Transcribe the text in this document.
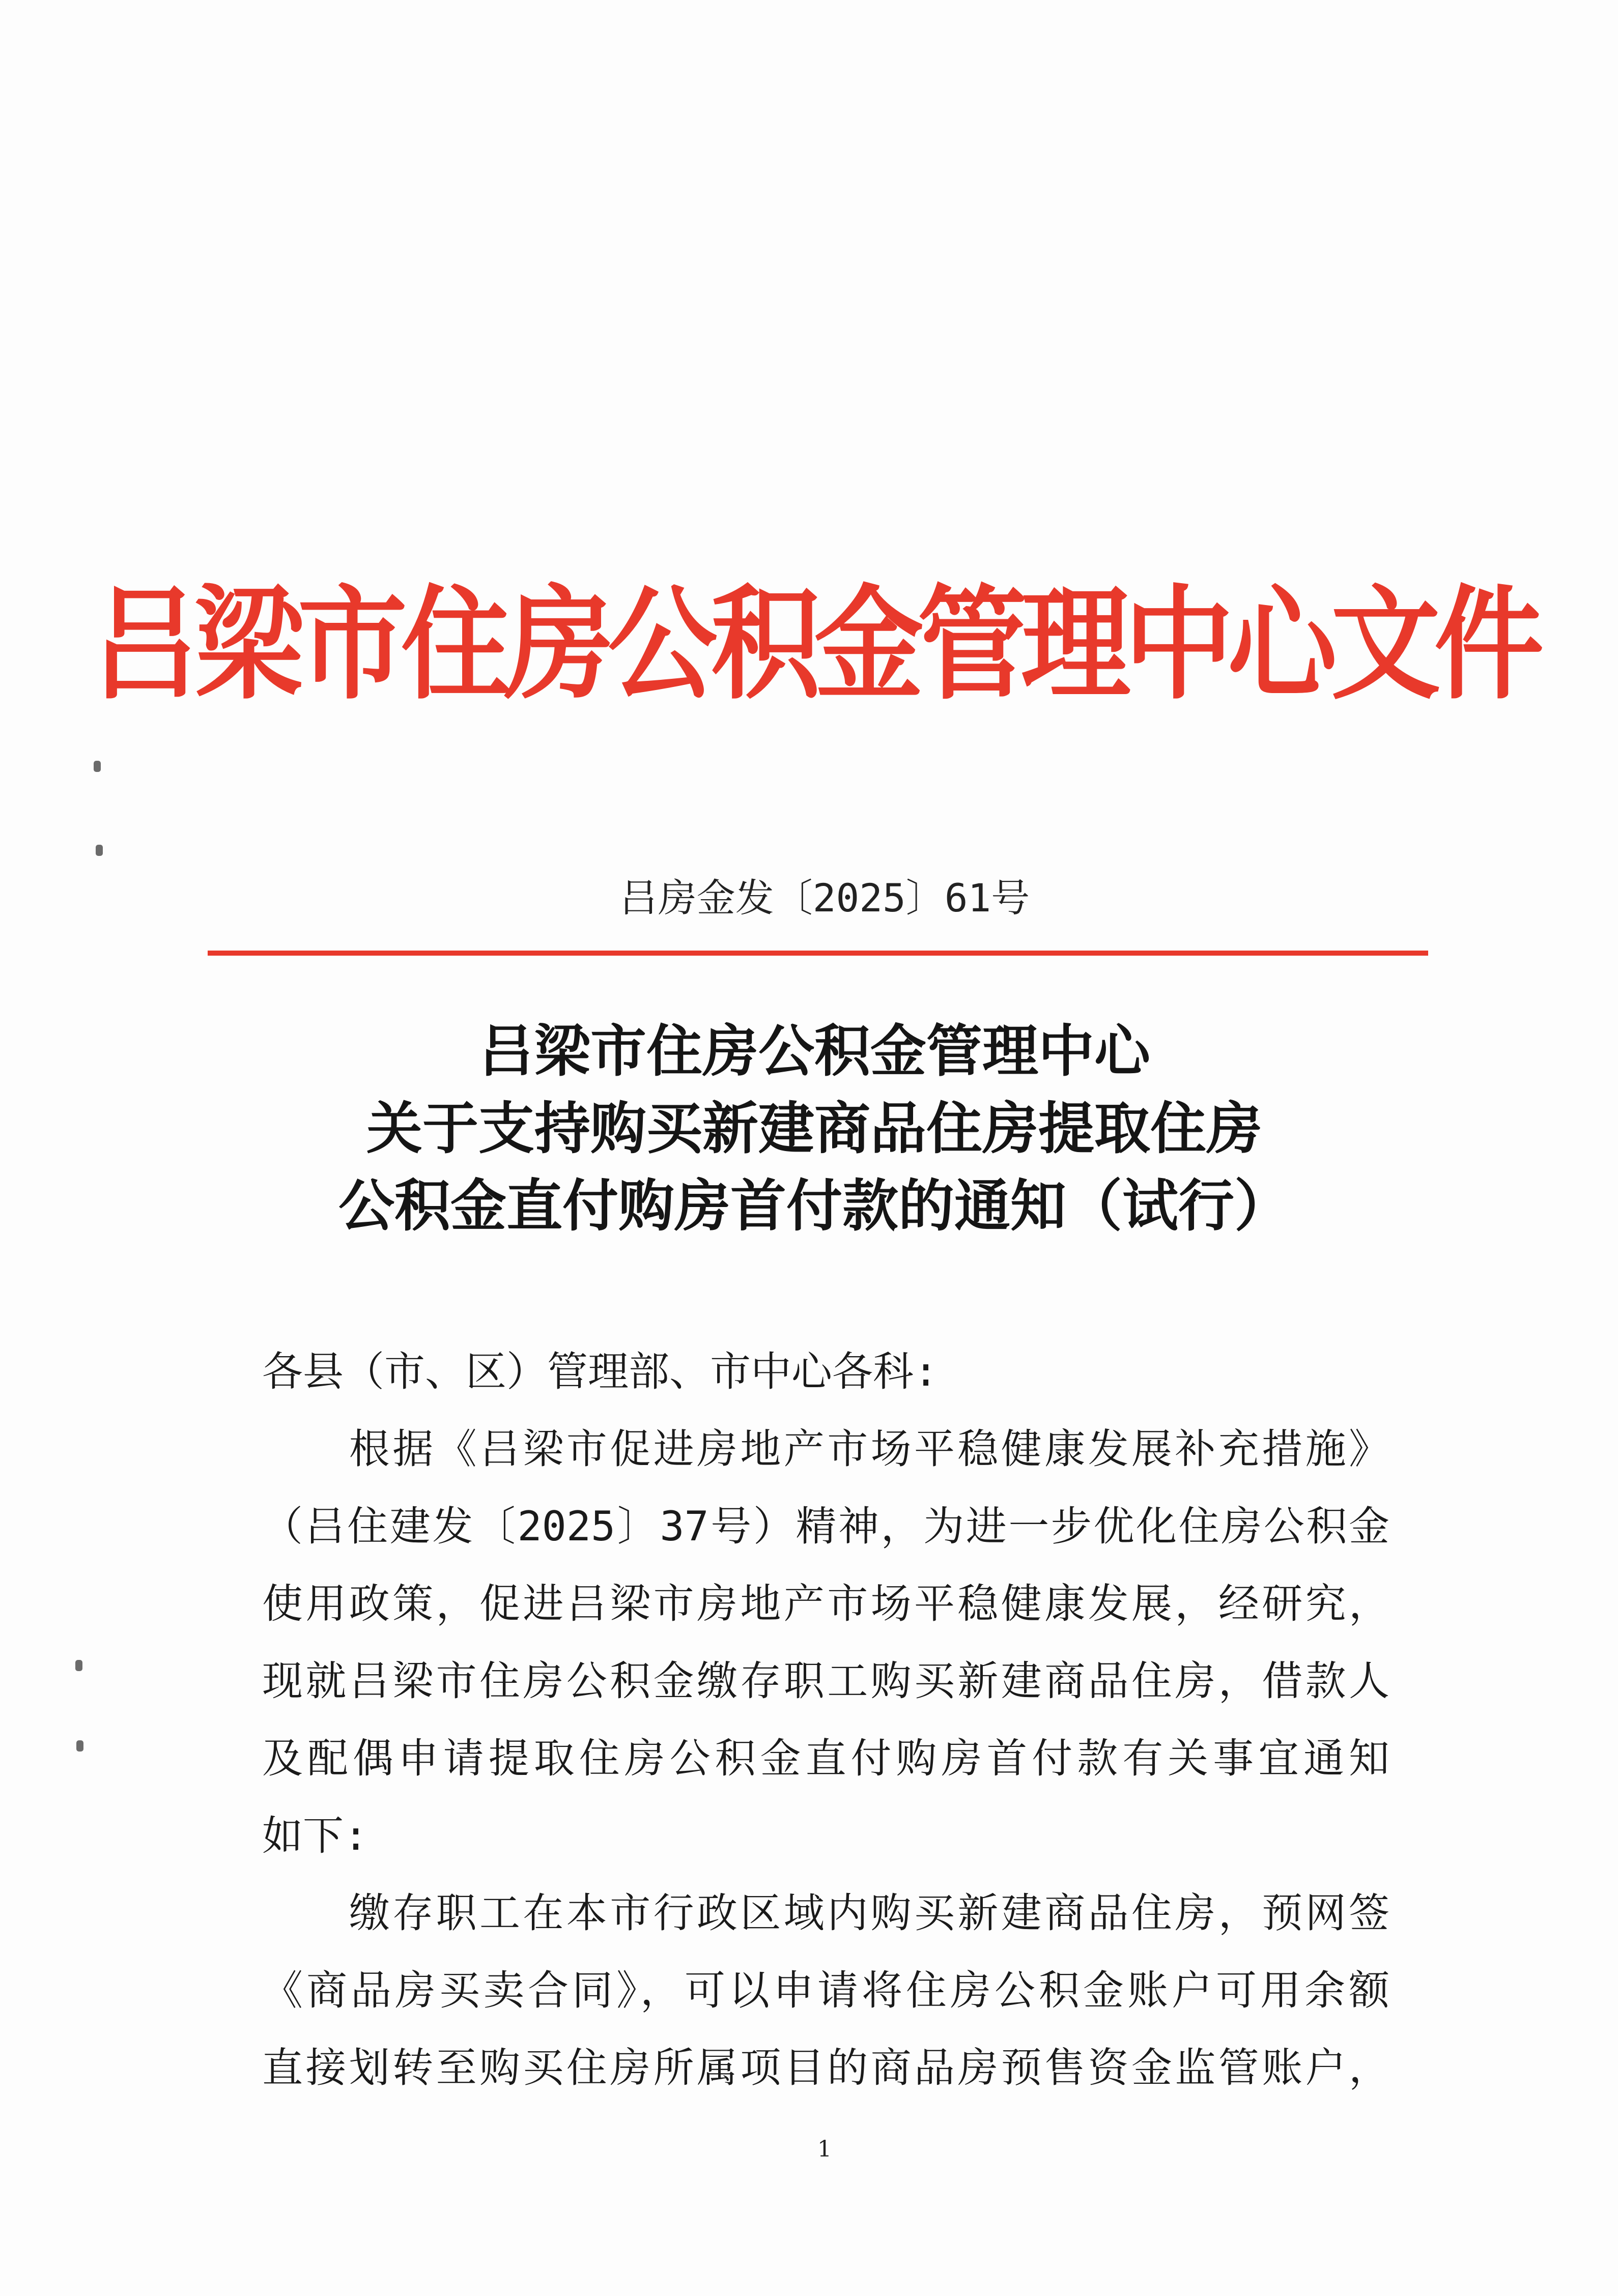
吕梁市住房公积金管理中心文件
吕房金发〔2025〕61号
吕梁市住房公积金管理中心
关于支持购买新建商品住房提取住房
公积金直付购房首付款的通知（试行）
各县（市、区）管理部、市中心各科:
　　根据《吕梁市促进房地产市场平稳健康发展补充措施》
（吕住建发〔2025〕37号）精神，为进一步优化住房公积金
使用政策，促进吕梁市房地产市场平稳健康发展，经研究，
现就吕梁市住房公积金缴存职工购买新建商品住房，借款人
及配偶申请提取住房公积金直付购房首付款有关事宜通知
如下:
　　缴存职工在本市行政区域内购买新建商品住房，预网签
《商品房买卖合同》，可以申请将住房公积金账户可用余额
直接划转至购买住房所属项目的商品房预售资金监管账户，
1
